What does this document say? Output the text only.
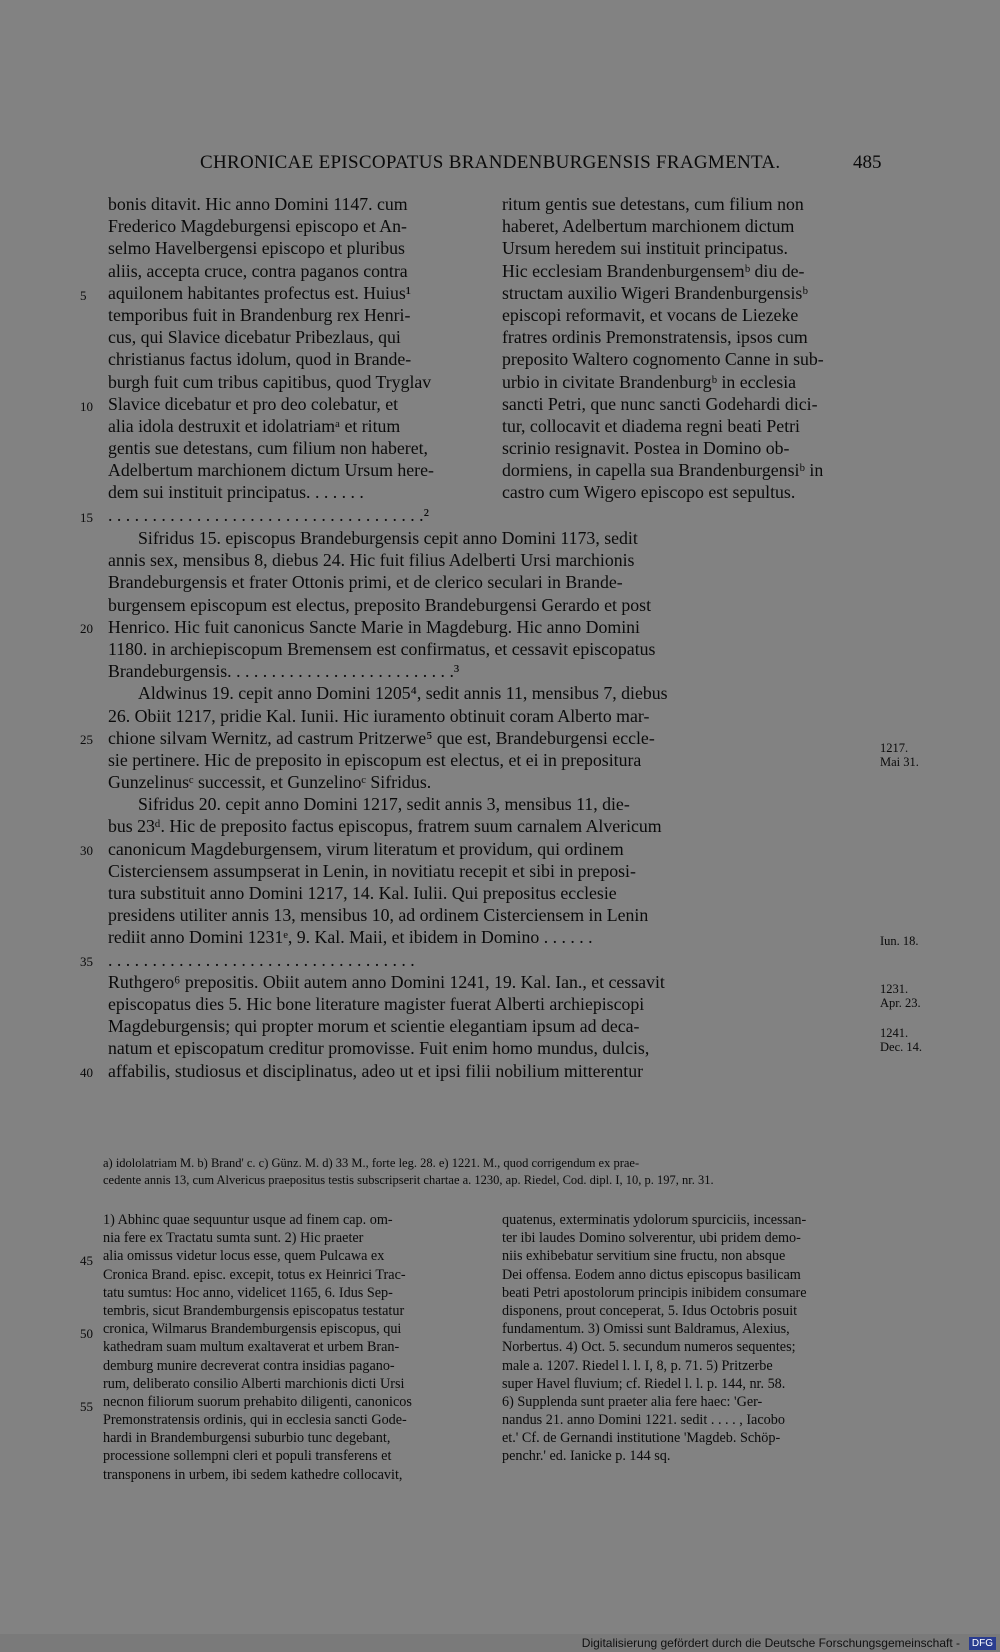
CHRONICAE EPISCOPATUS BRANDENBURGENSIS FRAGMENTA.	485
bonis ditavit. Hic anno Domini 1147. cum
Frederico Magdeburgensi episcopo et An-
selmo Havelbergensi episcopo et pluribus
aliis, accepta cruce, contra paganos contra
aquilonem habitantes profectus est. Huius¹
temporibus fuit in Brandenburg rex Henri-
cus, qui Slavice dicebatur Pribezlaus, qui
christianus factus idolum, quod in Brande-
burgh fuit cum tribus capitibus, quod Tryglav
Slavice dicebatur et pro deo colebatur, et
alia idola destruxit et idolatriamᵃ et ritum
gentis sue detestans, cum filium non haberet,
Adelbertum marchionem dictum Ursum here-
dem sui instituit principatus. . . . . . .
ritum gentis sue detestans, cum filium non
haberet, Adelbertum marchionem dictum
Ursum heredem sui instituit principatus.
Hic ecclesiam Brandenburgensemᵇ diu de-
structam auxilio Wigeri Brandenburgensisᵇ
episcopi reformavit, et vocans de Liezeke
fratres ordinis Premonstratensis, ipsos cum
preposito Waltero cognomento Canne in sub-
urbio in civitate Brandenburgᵇ in ecclesia
sancti Petri, que nunc sancti Godehardi dici-
tur, collocavit et diadema regni beati Petri
scrinio resignavit. Postea in Domino ob-
dormiens, in capella sua Brandenburgensiᵇ in
castro cum Wigero episcopo est sepultus.
. . . . . . . . . . . . . . . . . . . . . . . . . . . . . . . . . . . .²
Sifridus 15. episcopus Brandeburgensis cepit anno Domini 1173, sedit
annis sex, mensibus 8, diebus 24. Hic fuit filius Adelberti Ursi marchionis
Brandeburgensis et frater Ottonis primi, et de clerico seculari in Brande-
burgensem episcopum est electus, preposito Brandeburgensi Gerardo et post
Henrico. Hic fuit canonicus Sancte Marie in Magdeburg. Hic anno Domini
1180. in archiepiscopum Bremensem est confirmatus, et cessavit episcopatus
Brandeburgensis. . . . . . . . . . . . . . . . . . . . . . . . . .³
Aldwinus 19. cepit anno Domini 1205⁴, sedit annis 11, mensibus 7, diebus
26. Obiit 1217, pridie Kal. Iunii. Hic iuramento obtinuit coram Alberto mar-
chione silvam Wernitz, ad castrum Pritzerwe⁵ que est, Brandeburgensi eccle-
sie pertinere. Hic de preposito in episcopum est electus, et ei in prepositura
Gunzelinusᶜ successit, et Gunzelinoᶜ Sifridus.
Sifridus 20. cepit anno Domini 1217, sedit annis 3, mensibus 11, die-
bus 23ᵈ. Hic de preposito factus episcopus, fratrem suum carnalem Alvericum
canonicum Magdeburgensem, virum literatum et providum, qui ordinem
Cisterciensem assumpserat in Lenin, in novitiatu recepit et sibi in preposi-
tura substituit anno Domini 1217, 14. Kal. Iulii. Qui prepositus ecclesie
presidens utiliter annis 13, mensibus 10, ad ordinem Cisterciensem in Lenin
rediit anno Domini 1231ᵉ, 9. Kal. Maii, et ibidem in Domino . . . . . .
. . . . . . . . . . . . . . . . . . . . . . . . . . . . . . . . . . .
Ruthgero⁶ prepositis. Obiit autem anno Domini 1241, 19. Kal. Ian., et cessavit
episcopatus dies 5. Hic bone literature magister fuerat Alberti archiepiscopi
Magdeburgensis; qui propter morum et scientie elegantiam ipsum ad deca-
natum et episcopatum creditur promovisse. Fuit enim homo mundus, dulcis,
affabilis, studiosus et disciplinatus, adeo ut et ipsi filii nobilium mitterentur
5
10
15
20
25
30
35
40
45
50
55
1217.
Mai 31.
Iun. 18.
1231.
Apr. 23.
1241.
Dec. 14.
a) idololatriam M. b) Brand' c. c) Günz. M. d) 33 M., forte leg. 28. e) 1221. M., quod corrigendum ex prae-
cedente annis 13, cum Alvericus praepositus testis subscripserit chartae a. 1230, ap. Riedel, Cod. dipl. I, 10, p. 197, nr. 31.
1) Abhinc quae sequuntur usque ad finem cap. om-
nia fere ex Tractatu sumta sunt. 2) Hic praeter
alia omissus videtur locus esse, quem Pulcawa ex
Cronica Brand. episc. excepit, totus ex Heinrici Trac-
tatu sumtus: Hoc anno, videlicet 1165, 6. Idus Sep-
tembris, sicut Brandemburgensis episcopatus testatur
cronica, Wilmarus Brandemburgensis episcopus, qui
kathedram suam multum exaltaverat et urbem Bran-
demburg munire decreverat contra insidias pagano-
rum, deliberato consilio Alberti marchionis dicti Ursi
necnon filiorum suorum prehabito diligenti, canonicos
Premonstratensis ordinis, qui in ecclesia sancti Gode-
hardi in Brandemburgensi suburbio tunc degebant,
processione sollempni cleri et populi transferens et
transponens in urbem, ibi sedem kathedre collocavit,
quatenus, exterminatis ydolorum spurciciis, incessan-
ter ibi laudes Domino solverentur, ubi pridem demo-
niis exhibebatur servitium sine fructu, non absque
Dei offensa. Eodem anno dictus episcopus basilicam
beati Petri apostolorum principis inibidem consumare
disponens, prout conceperat, 5. Idus Octobris posuit
fundamentum. 3) Omissi sunt Baldramus, Alexius,
Norbertus. 4) Oct. 5. secundum numeros sequentes;
male a. 1207. Riedel l. l. I, 8, p. 71. 5) Pritzerbe
super Havel fluvium; cf. Riedel l. l. p. 144, nr. 58.
6) Supplenda sunt praeter alia fere haec: 'Ger-
nandus 21. anno Domini 1221. sedit . . . . , Iacobo
et.' Cf. de Gernandi institutione 'Magdeb. Schöp-
penchr.' ed. Ianicke p. 144 sq.
Digitalisierung gefördert durch die Deutsche Forschungsgemeinschaft -	DFG
